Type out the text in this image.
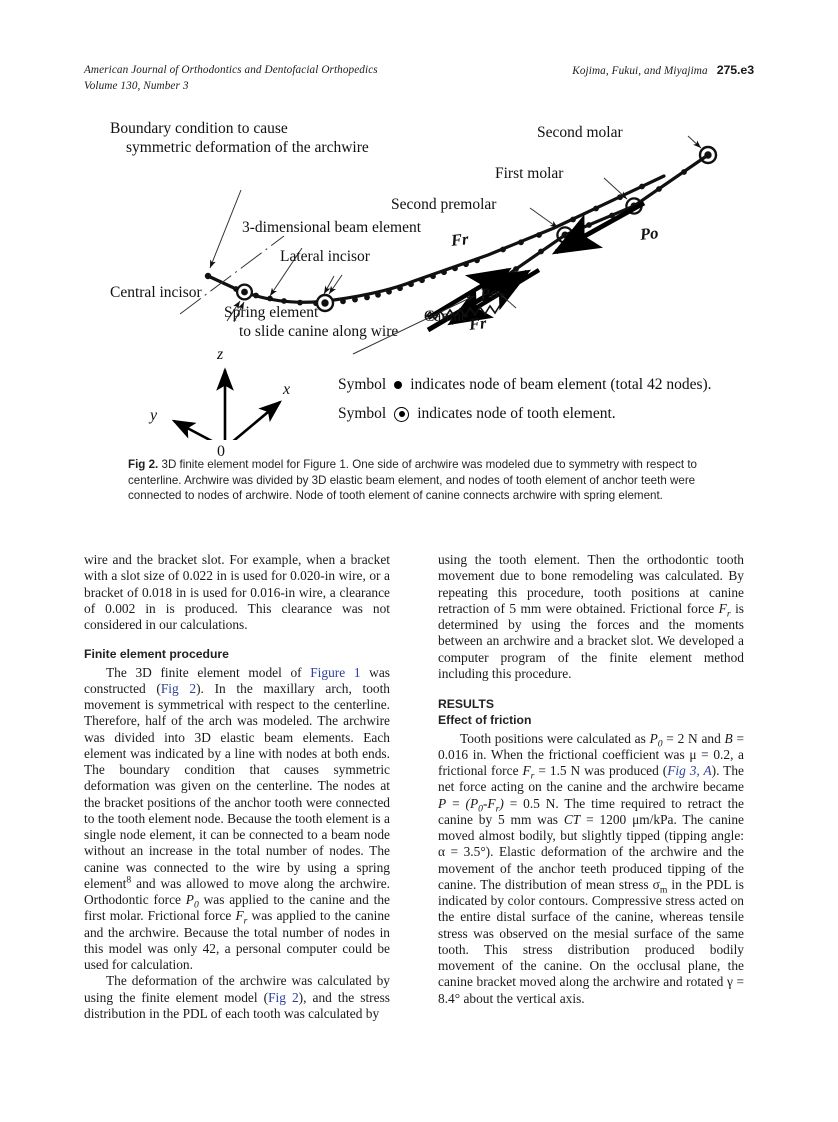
American Journal of Orthodontics and Dentofacial Orthopedics
Volume 130, Number 3
Kojima, Fukui, and Miyajima 275.e3
Boundary condition to cause
symmetric deformation of the archwire
3-dimensional beam element
Lateral incisor
Central incisor
Spring element
to slide canine along wire
Canine
Second premolar
First molar
Second molar
Fr
Fr
Po
Po
z
x
y
0
Symbol indicates node of beam element (total 42 nodes).
Symbol indicates node of tooth element.
Fig 2. 3D finite element model for Figure 1. One side of archwire was modeled due to symmetry with respect to centerline. Archwire was divided by 3D elastic beam element, and nodes of tooth element of anchor teeth were connected to nodes of archwire. Node of tooth element of canine connects archwire with spring element.

wire and the bracket slot. For example, when a bracket with a slot size of 0.022 in is used for 0.020-in wire, or a bracket of 0.018 in is used for 0.016-in wire, a clearance of 0.002 in is produced. This clearance was not considered in our calculations.

Finite element procedure

The 3D finite element model of Figure 1 was constructed (Fig 2). In the maxillary arch, tooth movement is symmetrical with respect to the centerline. Therefore, half of the arch was modeled. The archwire was divided into 3D elastic beam elements. Each element was indicated by a line with nodes at both ends. The boundary condition that causes symmetric deformation was given on the centerline. The nodes at the bracket positions of the anchor tooth were connected to the tooth element node. Because the tooth element is a single node element, it can be connected to a beam node without an increase in the total number of nodes. The canine was connected to the wire by using a spring element$^8$ and was allowed to move along the archwire. Orthodontic force $P_0$ was applied to the canine and the first molar. Frictional force $F_r$ was applied to the canine and the archwire. Because the total number of nodes in this model was only 42, a personal computer could be used for calculation.

The deformation of the archwire was calculated by using the finite element model (Fig 2), and the stress distribution in the PDL of each tooth was calculated by

using the tooth element. Then the orthodontic tooth movement due to bone remodeling was calculated. By repeating this procedure, tooth positions at canine retraction of 5 mm were obtained. Frictional force $F_r$ is determined by using the forces and the moments between an archwire and a bracket slot. We developed a computer program of the finite element method including this procedure.

RESULTS
Effect of friction

Tooth positions were calculated as $P_0 = 2$ N and B = 0.016 in. When the frictional coefficient was μ = 0.2, a frictional force $F_r = 1.5$ N was produced (Fig 3, A). The net force acting on the canine and the archwire became $P = (P_0-F_r) = 0.5$ N. The time required to retract the canine by 5 mm was CT = 1200 μm/kPa. The canine moved almost bodily, but slightly tipped (tipping angle: α = 3.5°). Elastic deformation of the archwire and the movement of the anchor teeth produced tipping of the canine. The distribution of mean stress $\sigma_m$ in the PDL is indicated by color contours. Compressive stress acted on the entire distal surface of the canine, whereas tensile stress was observed on the mesial surface of the same tooth. This stress distribution produced bodily movement of the canine. On the occlusal plane, the canine bracket moved along the archwire and rotated γ = 8.4° about the vertical axis.
